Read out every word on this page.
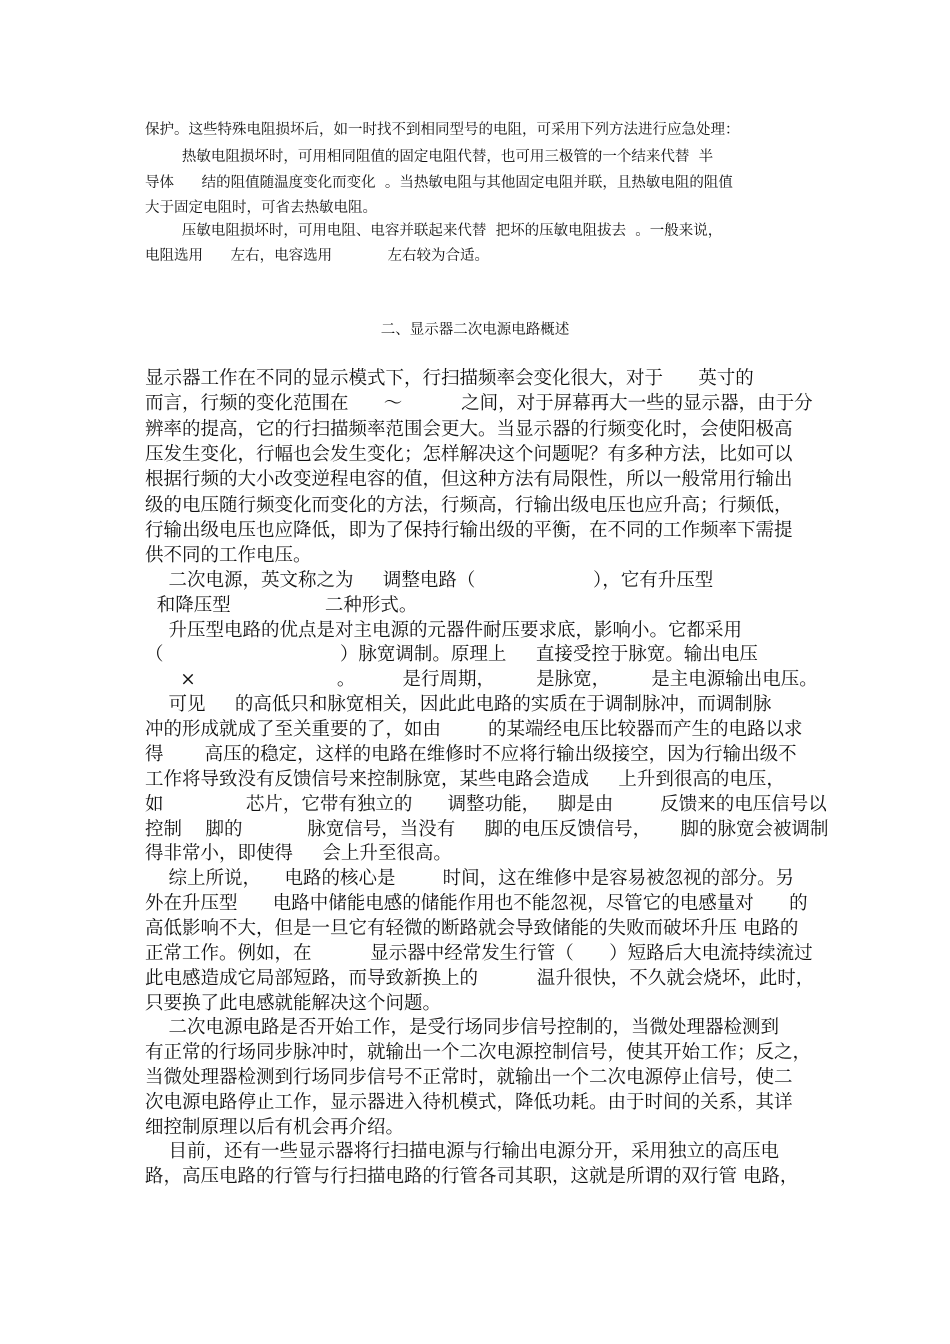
保护。这些特殊电阻损坏后，如一时找不到相同型号的电阻，可采用下列方法进行应急处理：
热敏电阻损坏时，可用相同阻值的固定电阻代替，也可用三极管的一个结来代替  半
导体      结的阻值随温度变化而变化  。当热敏电阻与其他固定电阻并联，且热敏电阻的阻值
大于固定电阻时，可省去热敏电阻。
压敏电阻损坏时，可用电阻、电容并联起来代替  把坏的压敏电阻拔去  。一般来说，
电阻选用      左右，电容选用            左右较为合适。
二、显示器二次电源电路概述
显示器工作在不同的显示模式下，行扫描频率会变化很大，对于      英寸的
而言，行频的变化范围在      ～          之间，对于屏幕再大一些的显示器，由于分
辨率的提高，它的行扫描频率范围会更大。当显示器的行频变化时，会使阳极高
压发生变化，行幅也会发生变化；怎样解决这个问题呢？有多种方法，比如可以
根据行频的大小改变逆程电容的值，但这种方法有局限性，所以一般常用行输出
级的电压随行频变化而变化的方法，行频高，行输出级电压也应升高；行频低，
行输出级电压也应降低，即为了保持行输出级的平衡，在不同的工作频率下需提
供不同的工作电压。
二次电源，英文称之为     调整电路（                    ），它有升压型
和降压型                二种形式。
升压型电路的优点是对主电源的元器件耐压要求底，影响小。它都采用
（                              ）脉宽调制。原理上     直接受控于脉宽。输出电压
×                        。        是行周期，       是脉宽，       是主电源输出电压。
可见     的高低只和脉宽相关，因此此电路的实质在于调制脉冲，而调制脉
冲的形成就成了至关重要的了，如由        的某端经电压比较器而产生的电路以求
得       高压的稳定，这样的电路在维修时不应将行输出级接空，因为行输出级不
工作将导致没有反馈信号来控制脉宽，某些电路会造成     上升到很高的电压，
如              芯片，它带有独立的      调整功能，   脚是由        反馈来的电压信号以
控制    脚的           脉宽信号，当没有     脚的电压反馈信号，     脚的脉宽会被调制
得非常小，即使得     会上升至很高。
综上所说，    电路的核心是        时间，这在维修中是容易被忽视的部分。另
外在升压型      电路中储能电感的储能作用也不能忽视，尽管它的电感量对      的
高低影响不大，但是一旦它有轻微的断路就会导致储能的失败而破坏升压 电路的
正常工作。例如，在          显示器中经常发生行管（      ）短路后大电流持续流过
此电感造成它局部短路，而导致新换上的          温升很快，不久就会烧坏，此时，
只要换了此电感就能解决这个问题。
二次电源电路是否开始工作，是受行场同步信号控制的，当微处理器检测到
有正常的行场同步脉冲时，就输出一个二次电源控制信号，使其开始工作；反之，
当微处理器检测到行场同步信号不正常时，就输出一个二次电源停止信号，使二
次电源电路停止工作，显示器进入待机模式，降低功耗。由于时间的关系，其详
细控制原理以后有机会再介绍。
目前，还有一些显示器将行扫描电源与行输出电源分开，采用独立的高压电
路，高压电路的行管与行扫描电路的行管各司其职，这就是所谓的双行管 电路，
